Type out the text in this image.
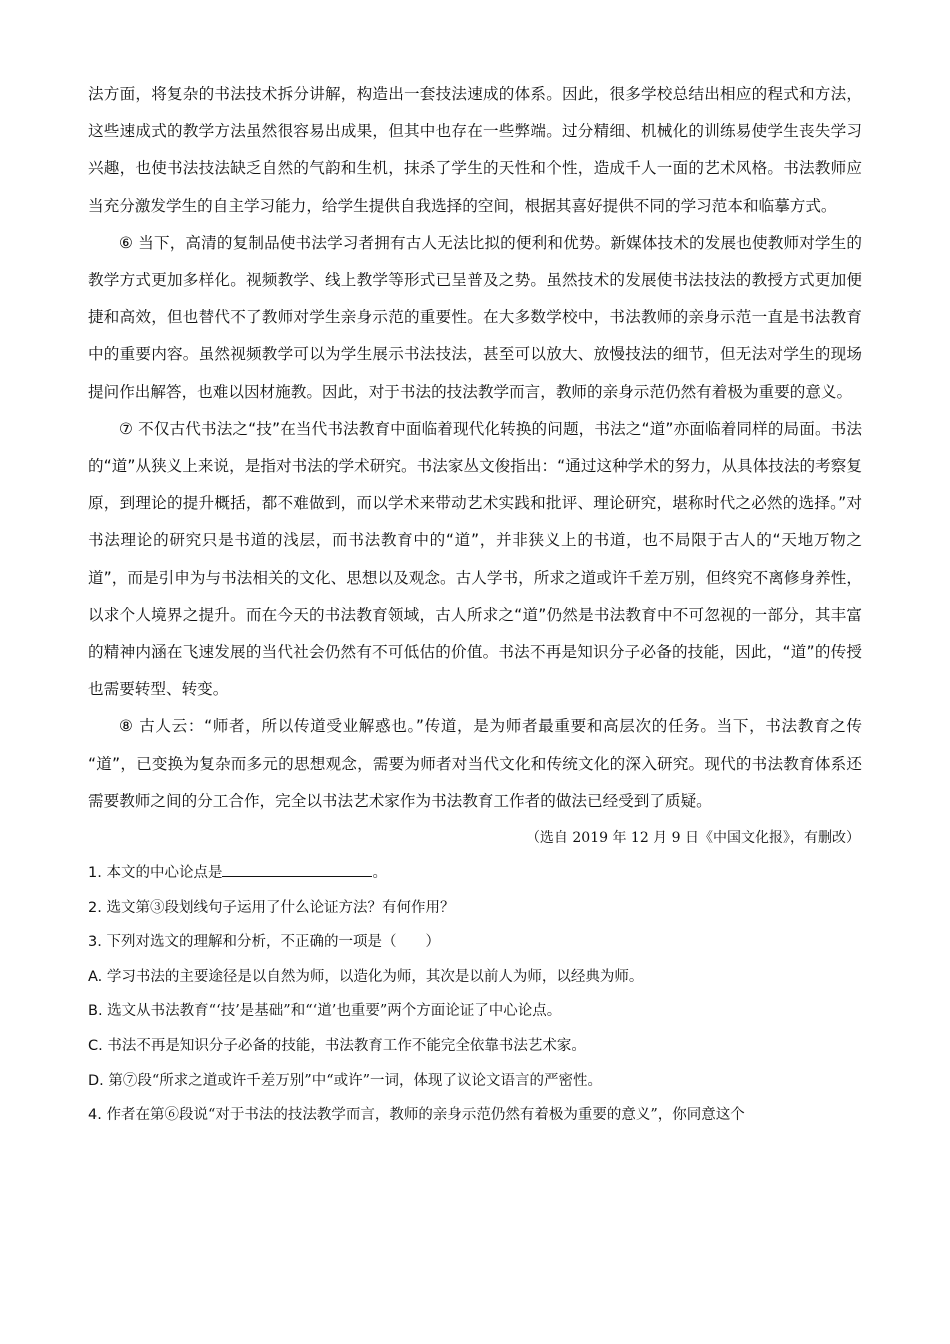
法方面，将复杂的书法技术拆分讲解，构造出一套技法速成的体系。因此，很多学校总结出相应的程式和方法，这些速成式的教学方法虽然很容易出成果，但其中也存在一些弊端。过分精细、机械化的训练易使学生丧失学习兴趣，也使书法技法缺乏自然的气韵和生机，抹杀了学生的天性和个性，造成千人一面的艺术风格。书法教师应当充分激发学生的自主学习能力，给学生提供自我选择的空间，根据其喜好提供不同的学习范本和临摹方式。

⑥ 当下，高清的复制品使书法学习者拥有古人无法比拟的便利和优势。新媒体技术的发展也使教师对学生的教学方式更加多样化。视频教学、线上教学等形式已呈普及之势。虽然技术的发展使书法技法的教授方式更加便捷和高效，但也替代不了教师对学生亲身示范的重要性。在大多数学校中，书法教师的亲身示范一直是书法教育中的重要内容。虽然视频教学可以为学生展示书法技法，甚至可以放大、放慢技法的细节，但无法对学生的现场提问作出解答，也难以因材施教。因此，对于书法的技法教学而言，教师的亲身示范仍然有着极为重要的意义。

⑦ 不仅古代书法之“技”在当代书法教育中面临着现代化转换的问题，书法之“道”亦面临着同样的局面。书法的“道”从狭义上来说，是指对书法的学术研究。书法家丛文俊指出：“通过这种学术的努力，从具体技法的考察复原，到理论的提升概括，都不难做到，而以学术来带动艺术实践和批评、理论研究，堪称时代之必然的选择。”对书法理论的研究只是书道的浅层，而书法教育中的“道”，并非狭义上的书道，也不局限于古人的“天地万物之道”，而是引申为与书法相关的文化、思想以及观念。古人学书，所求之道或许千差万别，但终究不离修身养性，以求个人境界之提升。而在今天的书法教育领域，古人所求之“道”仍然是书法教育中不可忽视的一部分，其丰富的精神内涵在飞速发展的当代社会仍然有不可低估的价值。书法不再是知识分子必备的技能，因此，“道”的传授也需要转型、转变。

⑧ 古人云：“师者，所以传道受业解惑也。”传道，是为师者最重要和高层次的任务。当下，书法教育之传 “道”，已变换为复杂而多元的思想观念，需要为师者对当代文化和传统文化的深入研究。现代的书法教育体系还需要教师之间的分工合作，完全以书法艺术家作为书法教育工作者的做法已经受到了质疑。

（选自 2019 年 12 月 9 日《中国文化报》，有删改）

1. 本文的中心论点是	。
2. 选文第③段划线句子运用了什么论证方法？有何作用？
3. 下列对选文的理解和分析，不正确的一项是（　　）
A. 学习书法的主要途径是以自然为师，以造化为师，其次是以前人为师，以经典为师。
B. 选文从书法教育“‘技’是基础”和“‘道’也重要”两个方面论证了中心论点。
C. 书法不再是知识分子必备的技能，书法教育工作不能完全依靠书法艺术家。
D. 第⑦段“所求之道或许千差万别”中“或许”一词，体现了议论文语言的严密性。
4. 作者在第⑥段说“对于书法的技法教学而言，教师的亲身示范仍然有着极为重要的意义”，你同意这个
